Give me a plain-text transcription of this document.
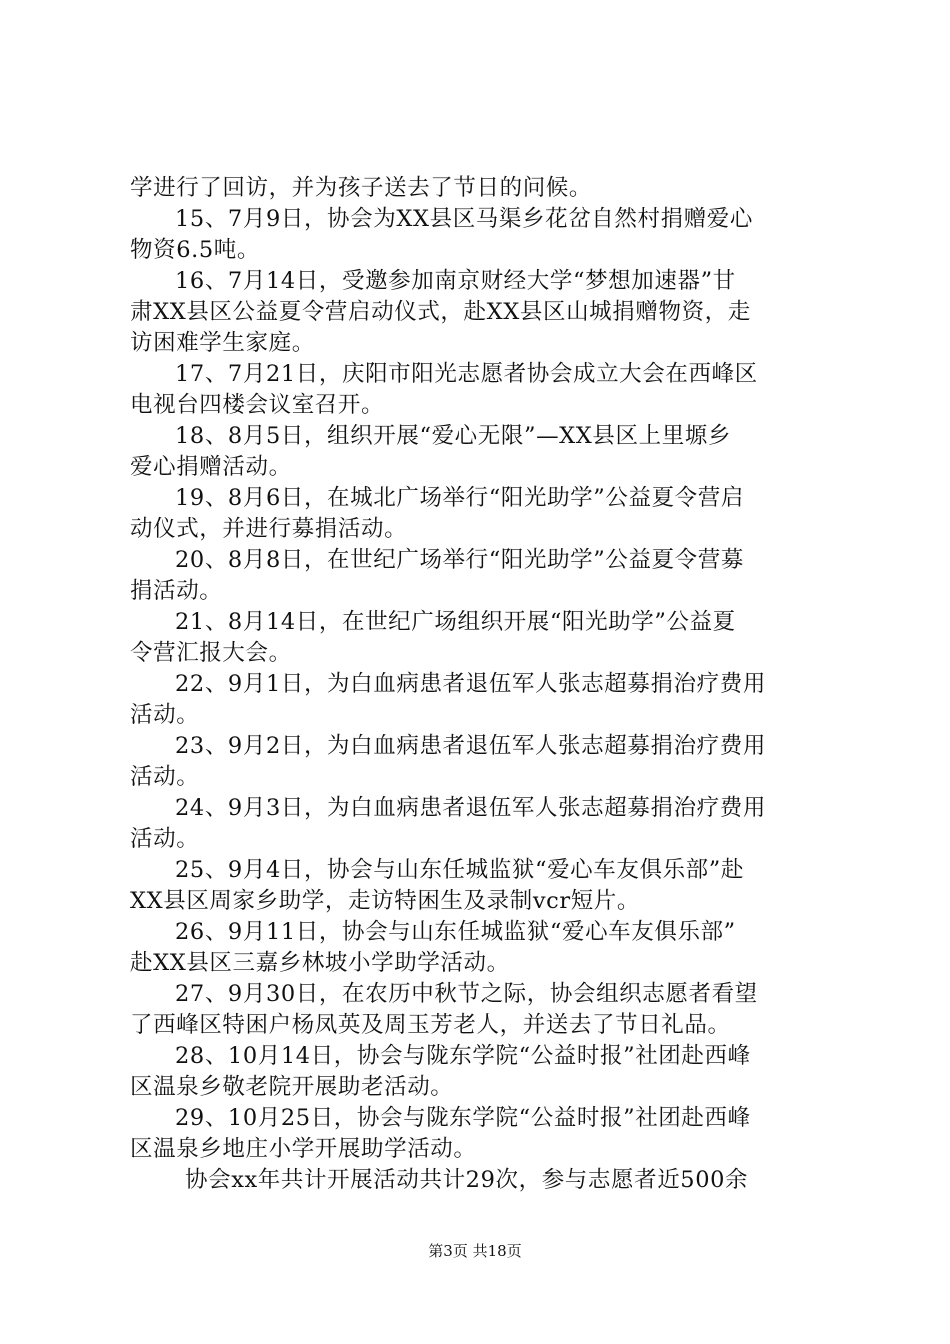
学进行了回访，并为孩子送去了节日的问候。
15、7月9日，协会为XX县区马渠乡花岔自然村捐赠爱心
物资6.5吨。
16、7月14日，受邀参加南京财经大学“梦想加速器”甘
肃XX县区公益夏令营启动仪式，赴XX县区山城捐赠物资，走
访困难学生家庭。
17、7月21日，庆阳市阳光志愿者协会成立大会在西峰区
电视台四楼会议室召开。
18、8月5日，组织开展“爱心无限”—XX县区上里塬乡
爱心捐赠活动。
19、8月6日，在城北广场举行“阳光助学”公益夏令营启
动仪式，并进行募捐活动。
20、8月8日，在世纪广场举行“阳光助学”公益夏令营募
捐活动。
21、8月14日，在世纪广场组织开展“阳光助学”公益夏
令营汇报大会。
22、9月1日，为白血病患者退伍军人张志超募捐治疗费用
活动。
23、9月2日，为白血病患者退伍军人张志超募捐治疗费用
活动。
24、9月3日，为白血病患者退伍军人张志超募捐治疗费用
活动。
25、9月4日，协会与山东任城监狱“爱心车友俱乐部”赴
XX县区周家乡助学，走访特困生及录制vcr短片。
26、9月11日，协会与山东任城监狱“爱心车友俱乐部”
赴XX县区三嘉乡林坡小学助学活动。
27、9月30日，在农历中秋节之际，协会组织志愿者看望
了西峰区特困户杨凤英及周玉芳老人，并送去了节日礼品。
28、10月14日，协会与陇东学院“公益时报”社团赴西峰
区温泉乡敬老院开展助老活动。
29、10月25日，协会与陇东学院“公益时报”社团赴西峰
区温泉乡地庄小学开展助学活动。
协会xx年共计开展活动共计29次，参与志愿者近500余
第3页 共18页
